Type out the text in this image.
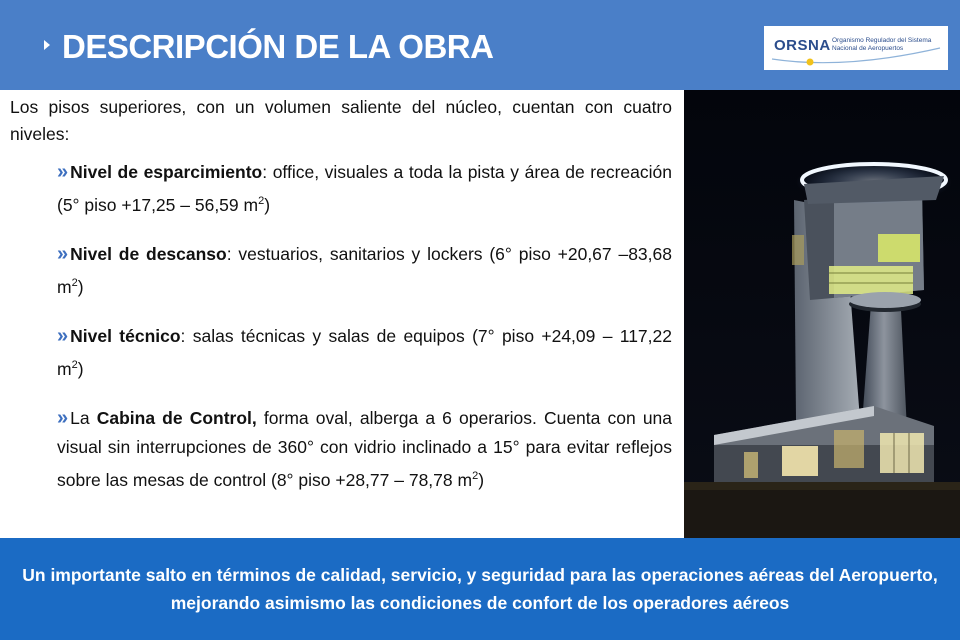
DESCRIPCIÓN DE LA OBRA	ORSNA Organismo Regulador del Sistema Nacional de Aeropuertos
Los pisos superiores, con un volumen saliente del núcleo, cuentan con cuatro niveles:
» Nivel de esparcimiento: office, visuales a toda la pista y área de recreación (5° piso +17,25 – 56,59 $m^2$)
» Nivel de descanso: vestuarios, sanitarios y lockers (6° piso +20,67 –83,68 $m^2$)
» Nivel técnico: salas técnicas y salas de equipos (7° piso +24,09 – 117,22 $m^2$)
» La Cabina de Control, forma oval, alberga a 6 operarios. Cuenta con una visual sin interrupciones de 360° con vidrio inclinado a 15° para evitar reflejos sobre las mesas de control (8° piso +28,77 – 78,78 $m^2$)
Un importante salto en términos de calidad, servicio, y seguridad para las operaciones aéreas del Aeropuerto, mejorando asimismo las condiciones de confort de los operadores aéreos
